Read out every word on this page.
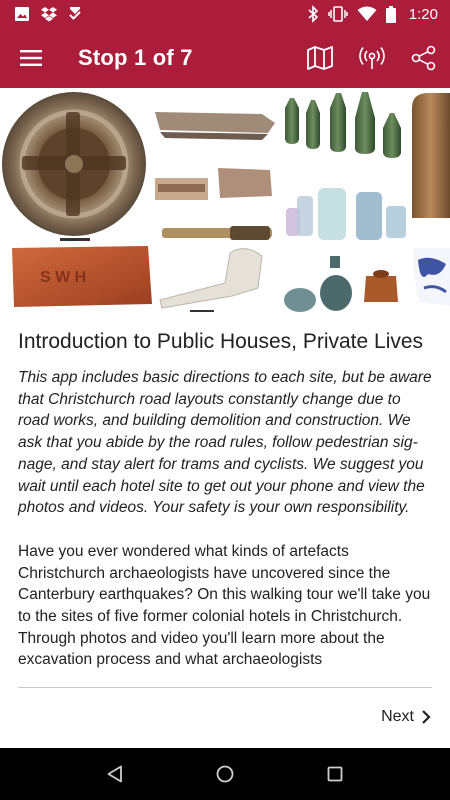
1:20
Stop 1 of 7
S W H
Introduction to Public Houses, Private Lives

This app includes basic directions to each site, but be aware that Christchurch road layouts constantly change due to road works, and building demolition and construction. We ask that you abide by the road rules, follow pedestrian sig-nage, and stay alert for trams and cyclists. We suggest you wait until each hotel site to get out your phone and view the photos and videos. Your safety is your own responsibility.

Have you ever wondered what kinds of artefacts Christchurch archaeologists have uncovered since the Canterbury earthquakes? On this walking tour we'll take you to the sites of five former colonial hotels in Christchurch. Through photos and video you'll learn more about the excavation process and what archaeologists

Next
